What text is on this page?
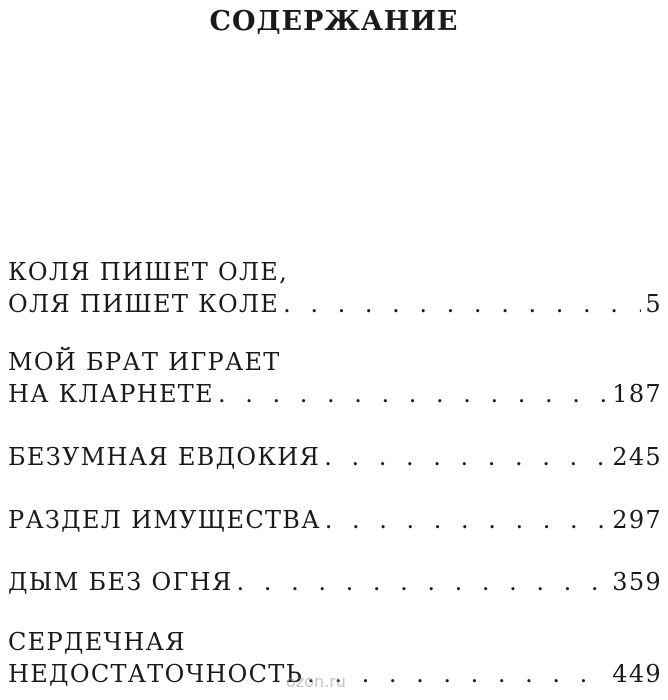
СОДЕРЖАНИЕ
КОЛЯ ПИШЕТ ОЛЕ,
ОЛЯ ПИШЕТ КОЛЕ . . .	5
МОЙ БРАТ ИГРАЕТ
НА КЛАРНЕТЕ . . .	187
БЕЗУМНАЯ ЕВДОКИЯ . . .	245
РАЗДЕЛ ИМУЩЕСТВА . . .	297
ДЫМ БЕЗ ОГНЯ . . .	359
СЕРДЕЧНАЯ
НЕДОСТАТОЧНОСТЬ . . .	449
ozon.ru
